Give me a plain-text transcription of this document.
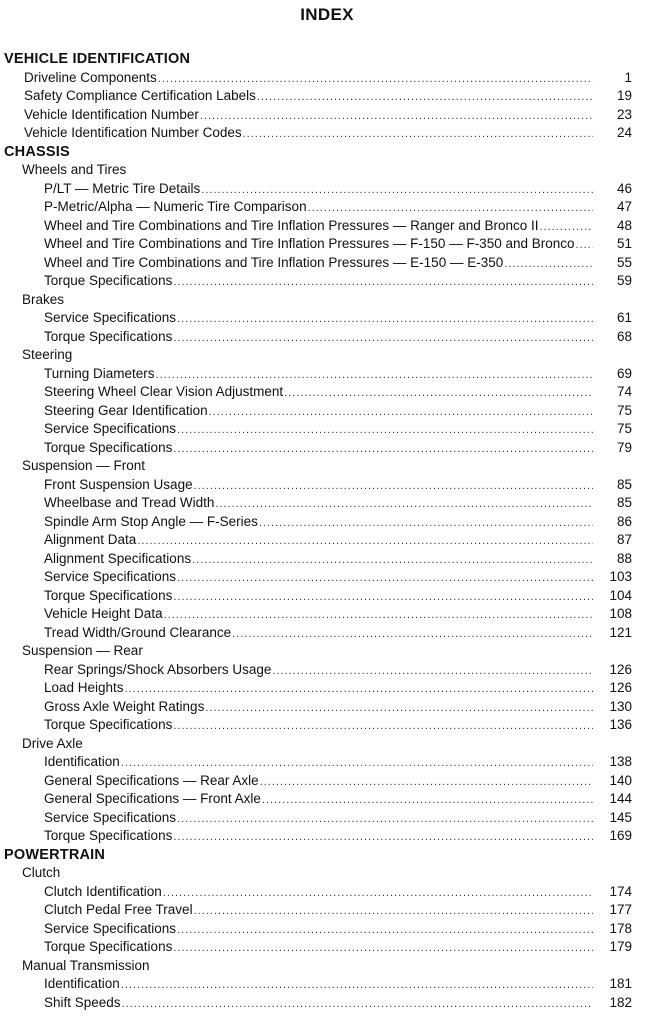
INDEX
VEHICLE IDENTIFICATION
Driveline Components .....	1
Safety Compliance Certification Labels .....	19
Vehicle Identification Number .....	23
Vehicle Identification Number Codes .....	24
CHASSIS
Wheels and Tires
P/LT — Metric Tire Details .....	46
P-Metric/Alpha — Numeric Tire Comparison .....	47
Wheel and Tire Combinations and Tire Inflation Pressures — Ranger and Bronco II .....	48
Wheel and Tire Combinations and Tire Inflation Pressures — F-150 — F-350 and Bronco .....	51
Wheel and Tire Combinations and Tire Inflation Pressures — E-150 — E-350 .....	55
Torque Specifications .....	59
Brakes
Service Specifications .....	61
Torque Specifications .....	68
Steering
Turning Diameters .....	69
Steering Wheel Clear Vision Adjustment .....	74
Steering Gear Identification .....	75
Service Specifications .....	75
Torque Specifications .....	79
Suspension — Front
Front Suspension Usage .....	85
Wheelbase and Tread Width .....	85
Spindle Arm Stop Angle — F-Series .....	86
Alignment Data .....	87
Alignment Specifications .....	88
Service Specifications .....	103
Torque Specifications .....	104
Vehicle Height Data .....	108
Tread Width/Ground Clearance .....	121
Suspension — Rear
Rear Springs/Shock Absorbers Usage .....	126
Load Heights .....	126
Gross Axle Weight Ratings .....	130
Torque Specifications .....	136
Drive Axle
Identification .....	138
General Specifications — Rear Axle .....	140
General Specifications — Front Axle .....	144
Service Specifications .....	145
Torque Specifications .....	169
POWERTRAIN
Clutch
Clutch Identification .....	174
Clutch Pedal Free Travel .....	177
Service Specifications .....	178
Torque Specifications .....	179
Manual Transmission
Identification .....	181
Shift Speeds .....	182
